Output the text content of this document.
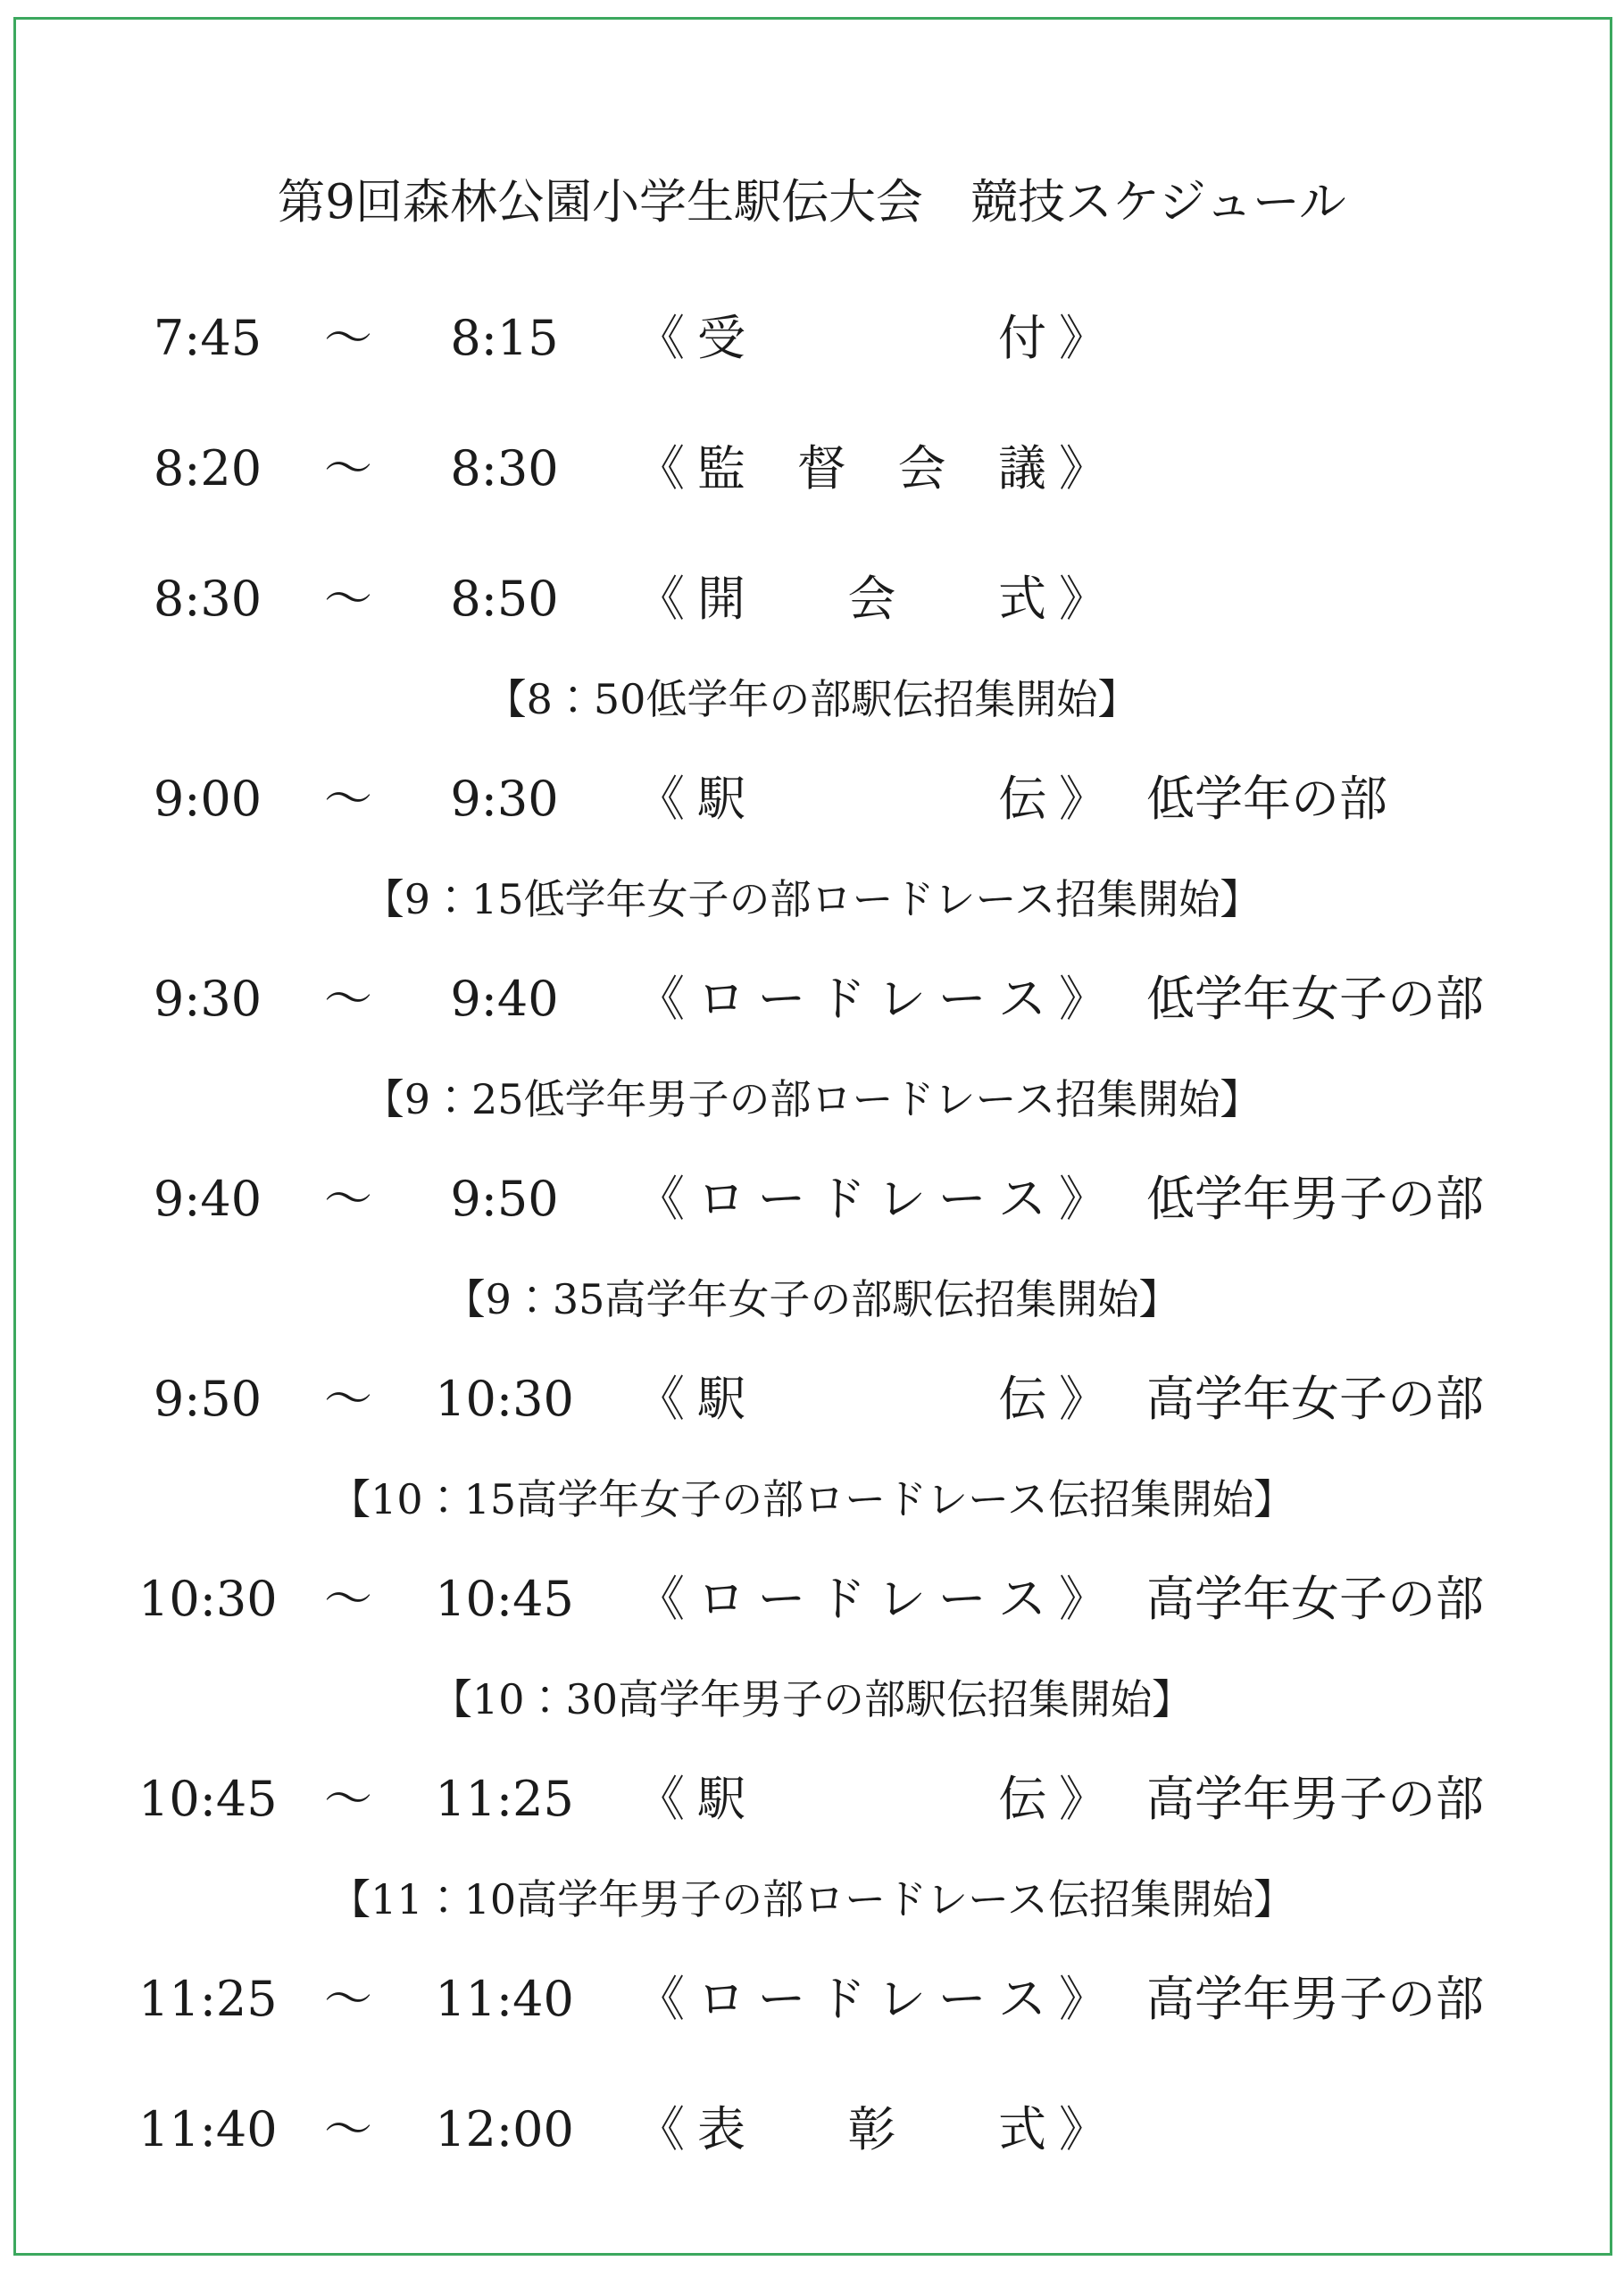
第9回森林公園小学生駅伝大会　競技スケジュール
7:45	～	8:15	《 受	付 》
8:20	～	8:30	《 監 督 会 議 》
8:30	～	8:50	《 開 会 式 》
【8：50低学年の部駅伝招集開始】
9:00	～	9:30	《 駅	伝 》 低学年の部
【9：15低学年女子の部ロードレース招集開始】
9:30	～	9:40	《 ロ ー ド レ ー ス 》 低学年女子の部
【9：25低学年男子の部ロードレース招集開始】
9:40	～	9:50	《 ロ ー ド レ ー ス 》 低学年男子の部
【9：35高学年女子の部駅伝招集開始】
9:50	～	10:30	《 駅	伝 》 高学年女子の部
【10：15高学年女子の部ロードレース伝招集開始】
10:30 ～	10:45	《 ロ ー ド レ ー ス 》 高学年女子の部
【10：30高学年男子の部駅伝招集開始】
10:45 ～	11:25	《 駅	伝 》 高学年男子の部
【11：10高学年男子の部ロードレース伝招集開始】
11:25 ～	11:40	《 ロ ー ド レ ー ス 》 高学年男子の部
11:40 ～	12:00	《 表 彰 式 》
